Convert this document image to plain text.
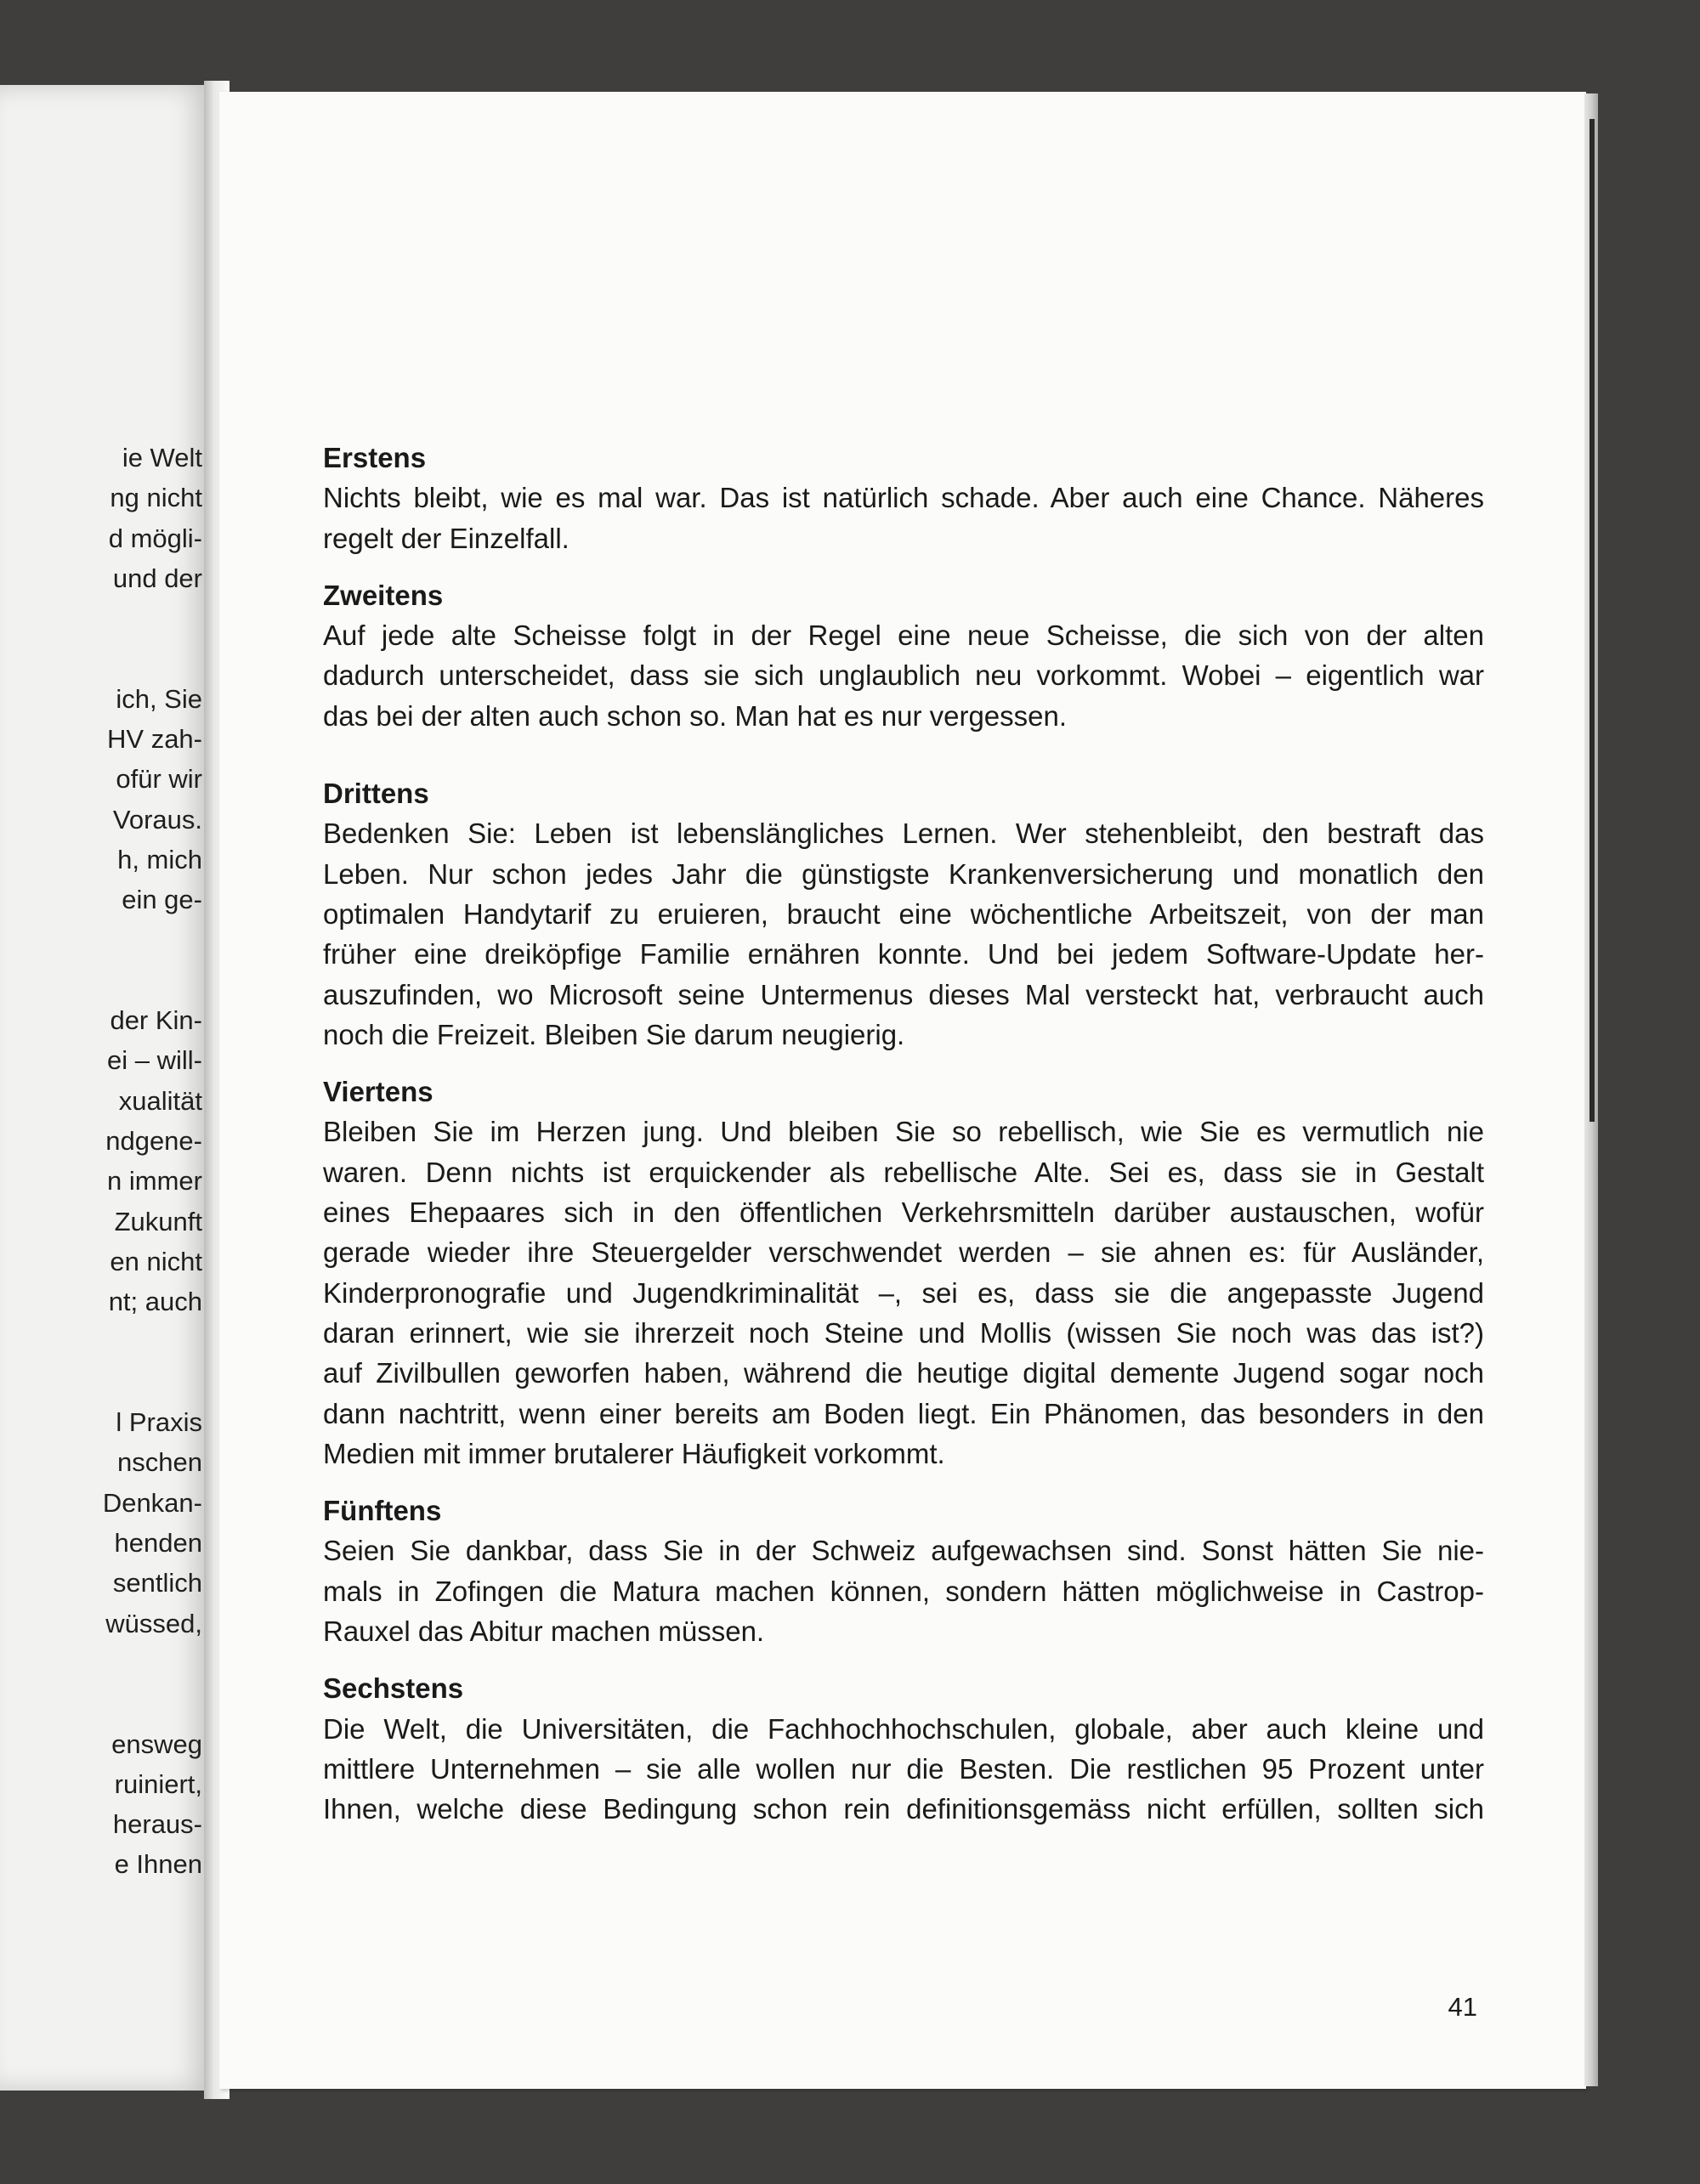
ie Welt
ng nicht
d mögli-
und der
ich, Sie
HV zah-
ofür wir
Voraus.
h, mich
ein ge-
der Kin-
ei – will-
xualität
ndgene-
n immer
Zukunft
en nicht
nt; auch
l Praxis
nschen
Denkan-
henden
sentlich
wüssed,
ensweg
ruiniert,
heraus-
e Ihnen
Erstens
Nichts bleibt, wie es mal war. Das ist natürlich schade. Aber auch eine Chance. Näheres
regelt der Einzelfall.
Zweitens
Auf jede alte Scheisse folgt in der Regel eine neue Scheisse, die sich von der alten
dadurch unterscheidet, dass sie sich unglaublich neu vorkommt. Wobei – eigentlich war
das bei der alten auch schon so. Man hat es nur vergessen.
Drittens
Bedenken Sie: Leben ist lebenslängliches Lernen. Wer stehenbleibt, den bestraft das
Leben. Nur schon jedes Jahr die günstigste Krankenversicherung und monatlich den
optimalen Handytarif zu eruieren, braucht eine wöchentliche Arbeitszeit, von der man
früher eine dreiköpfige Familie ernähren konnte. Und bei jedem Software-Update her-
auszufinden, wo Microsoft seine Untermenus dieses Mal versteckt hat, verbraucht auch
noch die Freizeit. Bleiben Sie darum neugierig.
Viertens
Bleiben Sie im Herzen jung. Und bleiben Sie so rebellisch, wie Sie es vermutlich nie
waren. Denn nichts ist erquickender als rebellische Alte. Sei es, dass sie in Gestalt
eines Ehepaares sich in den öffentlichen Verkehrsmitteln darüber austauschen, wofür
gerade wieder ihre Steuergelder verschwendet werden – sie ahnen es: für Ausländer,
Kinderpronografie und Jugendkriminalität –, sei es, dass sie die angepasste Jugend
daran erinnert, wie sie ihrerzeit noch Steine und Mollis (wissen Sie noch was das ist?)
auf Zivilbullen geworfen haben, während die heutige digital demente Jugend sogar noch
dann nachtritt, wenn einer bereits am Boden liegt. Ein Phänomen, das besonders in den
Medien mit immer brutalerer Häufigkeit vorkommt.
Fünftens
Seien Sie dankbar, dass Sie in der Schweiz aufgewachsen sind. Sonst hätten Sie nie-
mals in Zofingen die Matura machen können, sondern hätten möglichweise in Castrop-
Rauxel das Abitur machen müssen.
Sechstens
Die Welt, die Universitäten, die Fachhochhochschulen, globale, aber auch kleine und
mittlere Unternehmen – sie alle wollen nur die Besten. Die restlichen 95 Prozent unter
Ihnen, welche diese Bedingung schon rein definitionsgemäss nicht erfüllen, sollten sich
41
